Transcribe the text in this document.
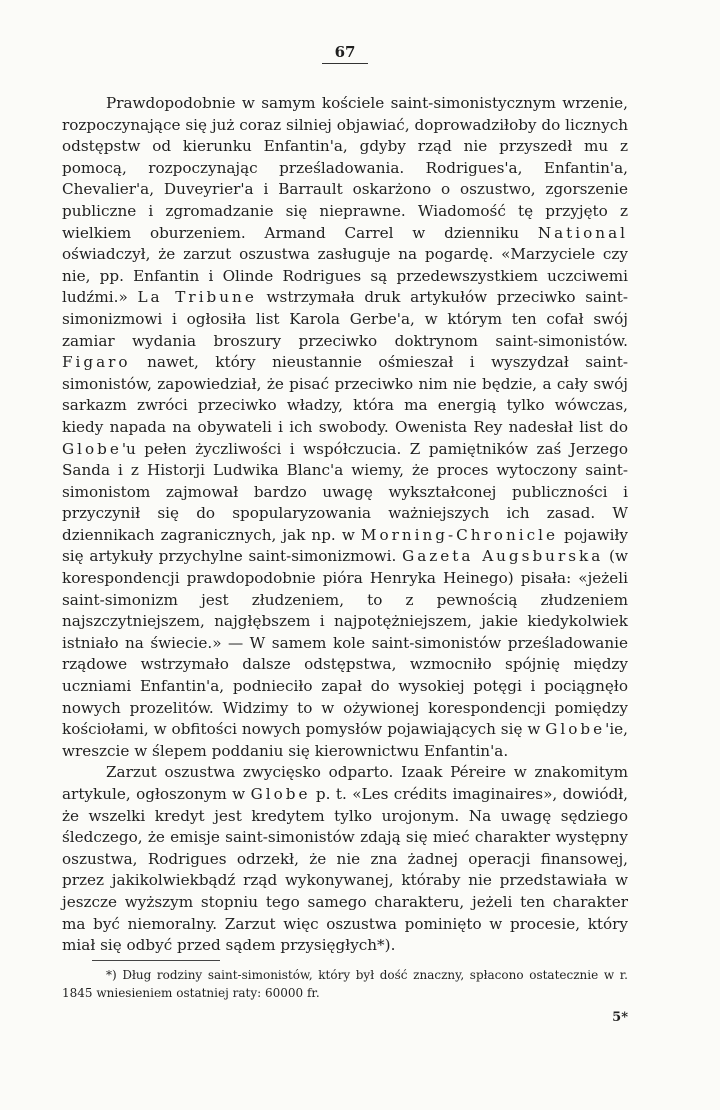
67

Prawdopodobnie w samym kościele saint-simonistycznym wrzenie, rozpoczynające się już coraz silniej objawiać, doprowadziłoby do licznych odstępstw od kierunku Enfantin'a, gdyby rząd nie przyszedł mu z pomocą, rozpoczynając prześladowania. Rodrigues'a, Enfantin'a, Chevalier'a, Duveyrier'a i Barrault oskarżono o oszustwo, zgorszenie publiczne i zgromadzanie się nieprawne. Wiadomość tę przyjęto z wielkiem oburzeniem. Armand Carrel w dzienniku National oświadczył, że zarzut oszustwa zasługuje na pogardę. «Marzyciele czy nie, pp. Enfantin i Olinde Rodrigues są przedewszystkiem uczciwemi ludźmi.» La Tribune wstrzymała druk artykułów przeciwko saint-simonizmowi i ogłosiła list Karola Gerbe'a, w którym ten cofał swój zamiar wydania broszury przeciwko doktrynom saint-simonistów. Figaro nawet, który nieustannie ośmieszał i wyszydzał saint-simonistów, zapowiedział, że pisać przeciwko nim nie będzie, a cały swój sarkazm zwróci przeciwko władzy, która ma energią tylko wówczas, kiedy napada na obywateli i ich swobody. Owenista Rey nadesłał list do Globe'u pełen życzliwości i współczucia. Z pamiętników zaś Jerzego Sanda i z Historji Ludwika Blanc'a wiemy, że proces wytoczony saint-simonistom zajmował bardzo uwagę wykształconej publiczności i przyczynił się do spopularyzowania ważniejszych ich zasad. W dziennikach zagranicznych, jak np. w Morning-Chronicle pojawiły się artykuły przychylne saint-simonizmowi. Gazeta Augsburska (w korespondencji prawdopodobnie pióra Henryka Heinego) pisała: «jeżeli saint-simonizm jest złudzeniem, to z pewnością złudzeniem najszczytniejszem, najgłębszem i najpotężniejszem, jakie kiedykolwiek istniało na świecie.» — W samem kole saint-simonistów prześladowanie rządowe wstrzymało dalsze odstępstwa, wzmocniło spójnię między uczniami Enfantin'a, podnieciło zapał do wysokiej potęgi i pociągnęło nowych prozelitów. Widzimy to w ożywionej korespondencji pomiędzy kościołami, w obfitości nowych pomysłów pojawiających się w Globe'ie, wreszcie w ślepem poddaniu się kierownictwu Enfantin'a.

Zarzut oszustwa zwycięsko odparto. Izaak Péreire w znakomitym artykule, ogłoszonym w Globe p. t. «Les crédits imaginaires», dowiódł, że wszelki kredyt jest kredytem tylko urojonym. Na uwagę sędziego śledczego, że emisje saint-simonistów zdają się mieć charakter występny oszustwa, Rodrigues odrzekł, że nie zna żadnej operacji finansowej, przez jakikolwiekbądź rząd wykonywanej, któraby nie przedstawiała w jeszcze wyższym stopniu tego samego charakteru, jeżeli ten charakter ma być niemoralny. Zarzut więc oszustwa pominięto w procesie, który miał się odbyć przed sądem przysięgłych*).

*) Dług rodziny saint-simonistów, który był dość znaczny, spłacono ostatecznie w r. 1845 wniesieniem ostatniej raty: 60000 fr.
5*
